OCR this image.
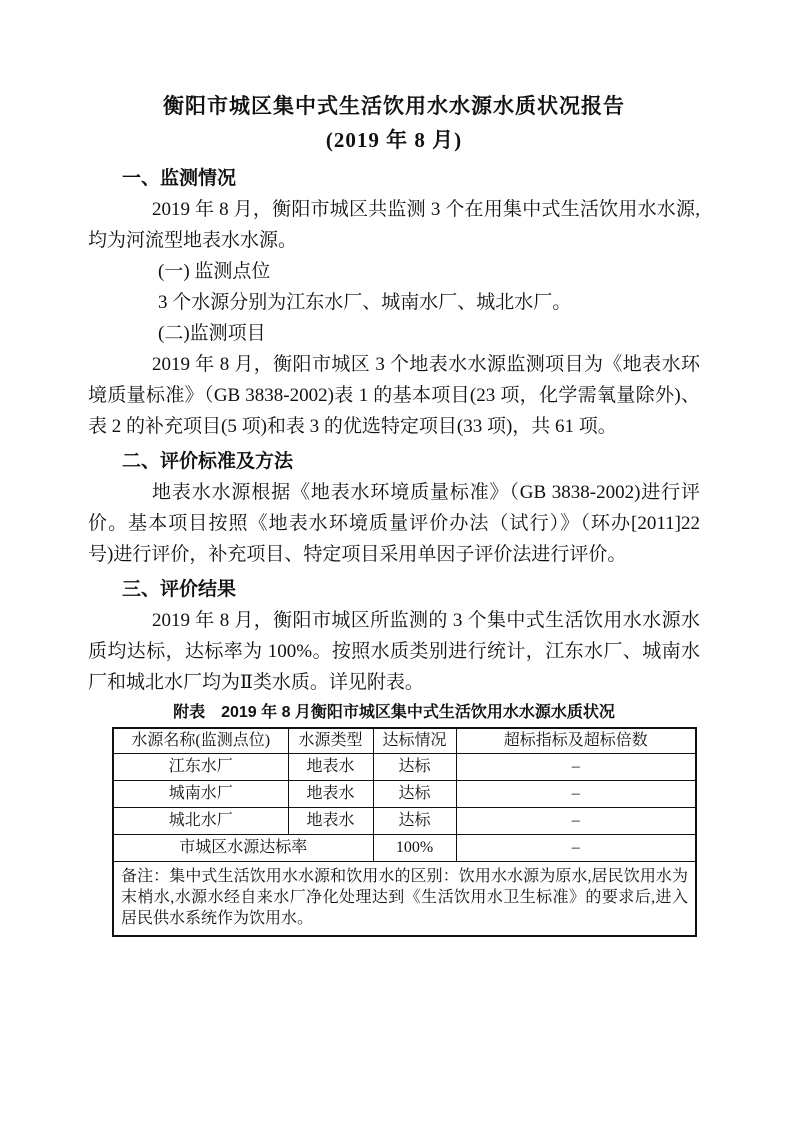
衡阳市城区集中式生活饮用水水源水质状况报告
(2019 年 8 月)
一、监测情况

2019 年 8 月，衡阳市城区共监测 3 个在用集中式生活饮用水水源,均为河流型地表水水源。

(一) 监测点位

3 个水源分别为江东水厂、城南水厂、城北水厂。

(二)监测项目

2019 年 8 月，衡阳市城区 3 个地表水水源监测项目为《地表水环境质量标准》（GB 3838-2002)表 1 的基本项目(23 项，化学需氧量除外)、表 2 的补充项目(5 项)和表 3 的优选特定项目(33 项)，共 61 项。

二、评价标准及方法

地表水水源根据《地表水环境质量标准》（GB 3838-2002)进行评价。基本项目按照《地表水环境质量评价办法（试行）》（环办[2011]22 号)进行评价，补充项目、特定项目采用单因子评价法进行评价。

三、评价结果

2019 年 8 月，衡阳市城区所监测的 3 个集中式生活饮用水水源水质均达标，达标率为 100%。按照水质类别进行统计，江东水厂、城南水厂和城北水厂均为Ⅱ类水质。详见附表。

附表 2019 年 8 月衡阳市城区集中式生活饮用水水源水质状况
水源名称(监测点位)	水源类型	达标情况	超标指标及超标倍数
江东水厂	地表水	达标	–
城南水厂	地表水	达标	–
城北水厂	地表水	达标	–
市城区水源达标率		100%	–
备注：集中式生活饮用水水源和饮用水的区别：饮用水水源为原水,居民饮用水为末梢水,水源水经自来水厂净化处理达到《生活饮用水卫生标准》的要求后,进入居民供水系统作为饮用水。			
